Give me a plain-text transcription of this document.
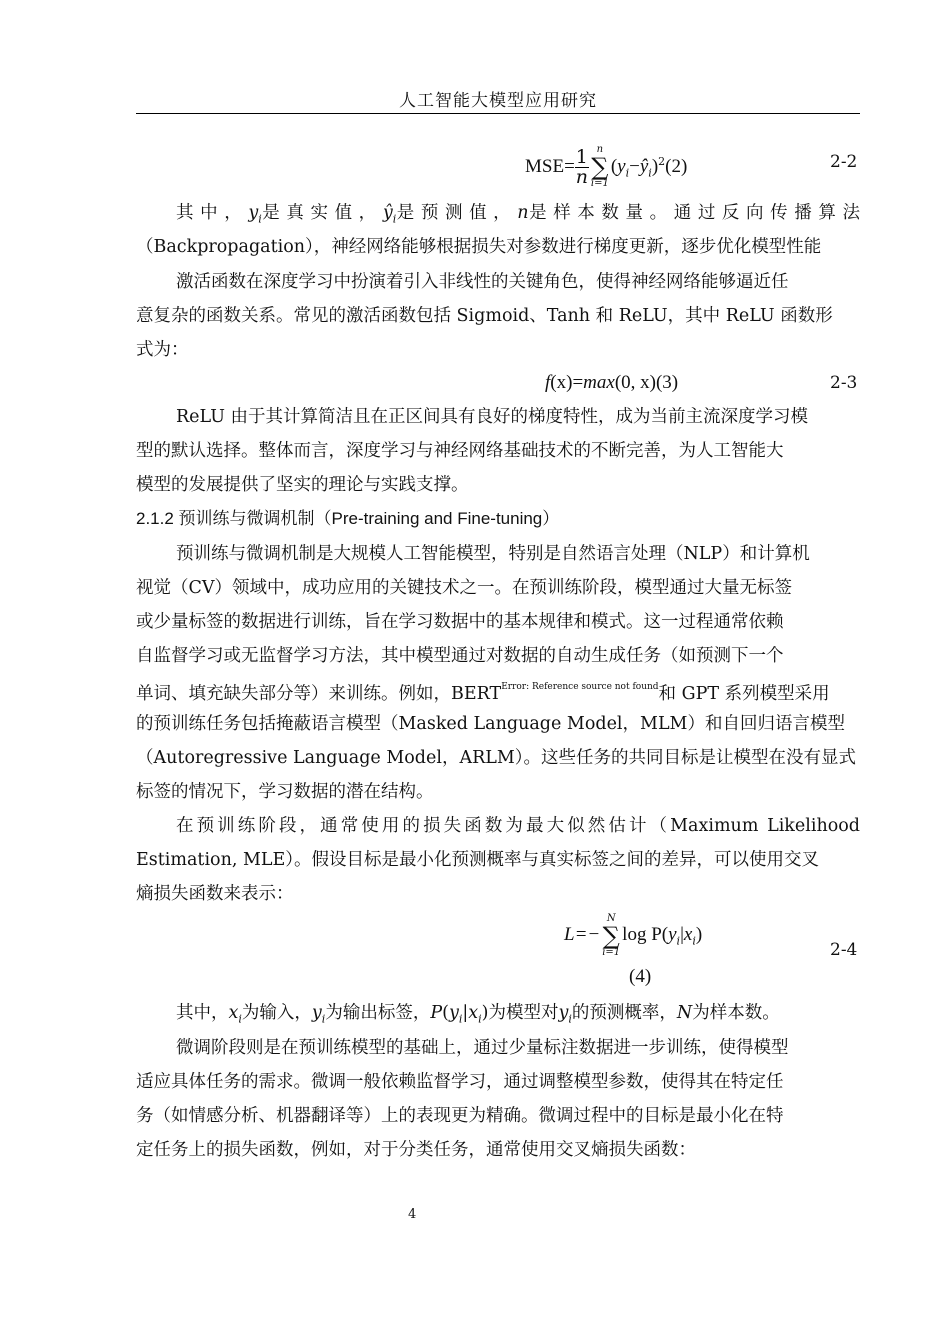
人工智能大模型应用研究
$MSE= \frac{1}{n}$ n
∑
i=1
$(y_i-ŷ_i)^2(2)$	2-2
其 中 ， $y_i$是 真 实 值 ， $ŷ_i$是 预 测 值 ， n是 样 本 数 量 。 通 过 反 向 传 播 算 法
（Backpropagation），神经网络能够根据损失对参数进行梯度更新，逐步优化模型性能
激活函数在深度学习中扮演着引入非线性的关键角色，使得神经网络能够逼近任
意复杂的函数关系。常见的激活函数包括 Sigmoid、Tanh 和 ReLU，其中 ReLU 函数形
式为：
f(x)=max(0, x)(3)	2-3
ReLU 由于其计算简洁且在正区间具有良好的梯度特性，成为当前主流深度学习模
型的默认选择。整体而言，深度学习与神经网络基础技术的不断完善，为人工智能大
模型的发展提供了坚实的理论与实践支撑。
2.1.2 预训练与微调机制（Pre-training and Fine-tuning）
预训练与微调机制是大规模人工智能模型，特别是自然语言处理（NLP）和计算机
视觉（CV）领域中，成功应用的关键技术之一。在预训练阶段，模型通过大量无标签
或少量标签的数据进行训练，旨在学习数据中的基本规律和模式。这一过程通常依赖
自监督学习或无监督学习方法，其中模型通过对数据的自动生成任务（如预测下一个
单词、填充缺失部分等）来训练。例如，$BERT^{Error: Reference source not found}$和 GPT 系列模型采用
的预训练任务包括掩蔽语言模型（Masked Language Model，MLM）和自回归语言模型
（Autoregressive Language Model，ARLM）。这些任务的共同目标是让模型在没有显式
标签的情况下，学习数据的潜在结构。
在预训练阶段，通常使用的损失函数为最大似然估计（Maximum Likelihood
Estimation, MLE）。假设目标是最小化预测概率与真实标签之间的差异，可以使用交叉
熵损失函数来表示：
L=−
N
∑
i=1
$\log P(y_i|x_i)$
(4)
2-4
其中，$x_i$为输入，$y_i$为输出标签，$P(y_i|x_i)$为模型对$y_i$的预测概率，N为样本数。
微调阶段则是在预训练模型的基础上，通过少量标注数据进一步训练，使得模型
适应具体任务的需求。微调一般依赖监督学习，通过调整模型参数，使得其在特定任
务（如情感分析、机器翻译等）上的表现更为精确。微调过程中的目标是最小化在特
定任务上的损失函数，例如，对于分类任务，通常使用交叉熵损失函数：
4
